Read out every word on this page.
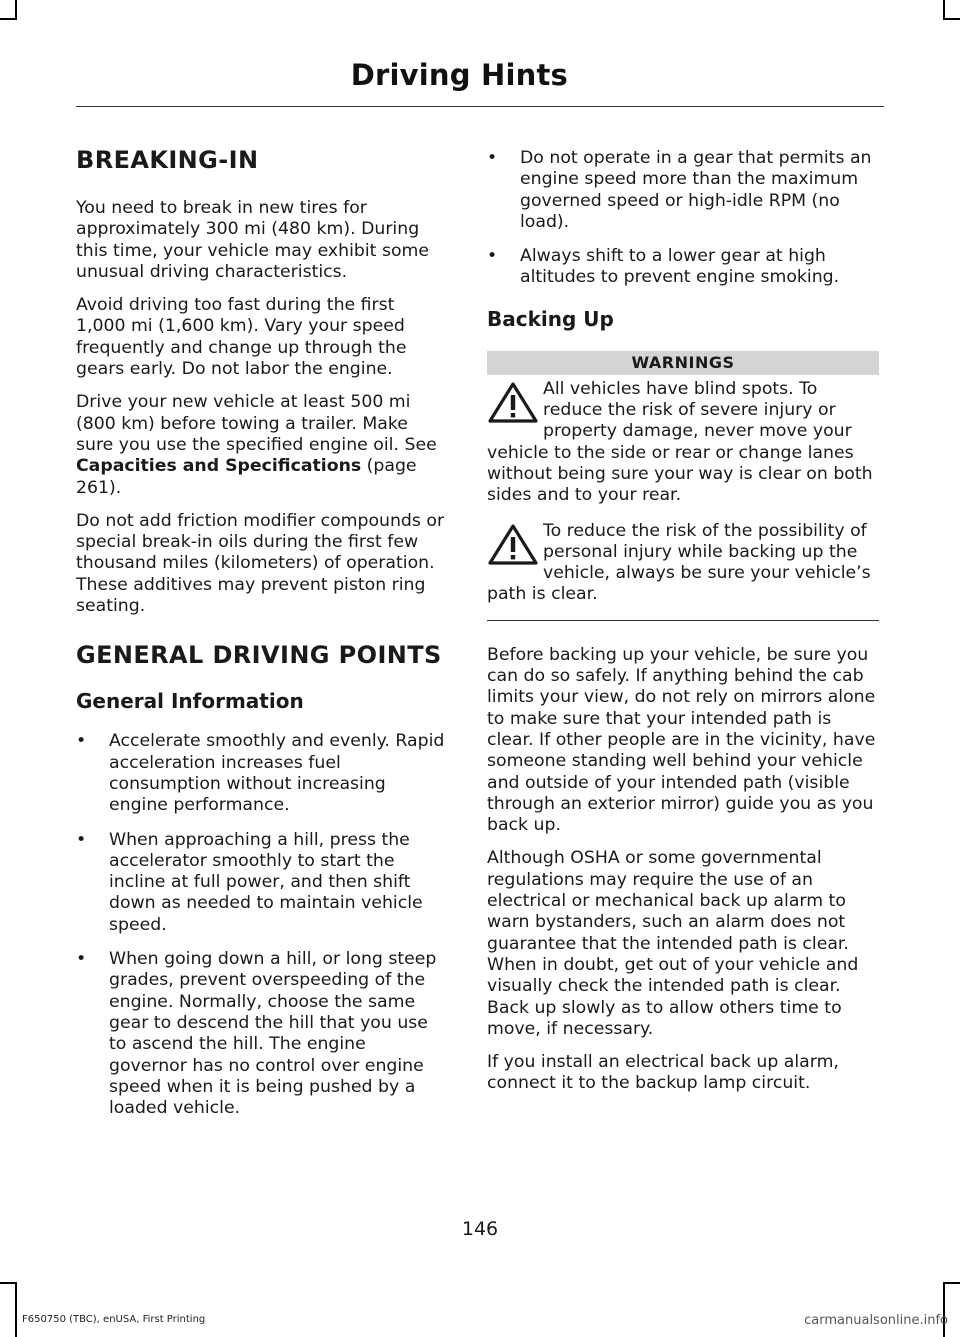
Driving Hints
BREAKING-IN

You need to break in new tires for approximately 300 mi (480 km). During this time, your vehicle may exhibit some unusual driving characteristics.

Avoid driving too fast during the first 1,000 mi (1,600 km). Vary your speed frequently and change up through the gears early. Do not labor the engine.

Drive your new vehicle at least 500 mi (800 km) before towing a trailer. Make sure you use the specified engine oil. See Capacities and Specifications (page 261).

Do not add friction modifier compounds or special break-in oils during the first few thousand miles (kilometers) of operation. These additives may prevent piston ring seating.

GENERAL DRIVING POINTS
General Information
• Accelerate smoothly and evenly. Rapid acceleration increases fuel consumption without increasing engine performance.
• When approaching a hill, press the accelerator smoothly to start the incline at full power, and then shift down as needed to maintain vehicle speed.
• When going down a hill, or long steep grades, prevent overspeeding of the engine. Normally, choose the same gear to descend the hill that you use to ascend the hill. The engine governor has no control over engine speed when it is being pushed by a loaded vehicle.
• Do not operate in a gear that permits an engine speed more than the maximum governed speed or high-idle RPM (no load).
• Always shift to a lower gear at high altitudes to prevent engine smoking.
Backing Up
WARNINGS
All vehicles have blind spots. To reduce the risk of severe injury or property damage, never move your vehicle to the side or rear or change lanes without being sure your way is clear on both sides and to your rear.
To reduce the risk of the possibility of personal injury while backing up the vehicle, always be sure your vehicle’s path is clear.

Before backing up your vehicle, be sure you can do so safely. If anything behind the cab limits your view, do not rely on mirrors alone to make sure that your intended path is clear. If other people are in the vicinity, have someone standing well behind your vehicle and outside of your intended path (visible through an exterior mirror) guide you as you back up.

Although OSHA or some governmental regulations may require the use of an electrical or mechanical back up alarm to warn bystanders, such an alarm does not guarantee that the intended path is clear. When in doubt, get out of your vehicle and visually check the intended path is clear. Back up slowly as to allow others time to move, if necessary.

If you install an electrical back up alarm, connect it to the backup lamp circuit.

146
F650750 (TBC), enUSA, First Printing	carmanualsonline.info
